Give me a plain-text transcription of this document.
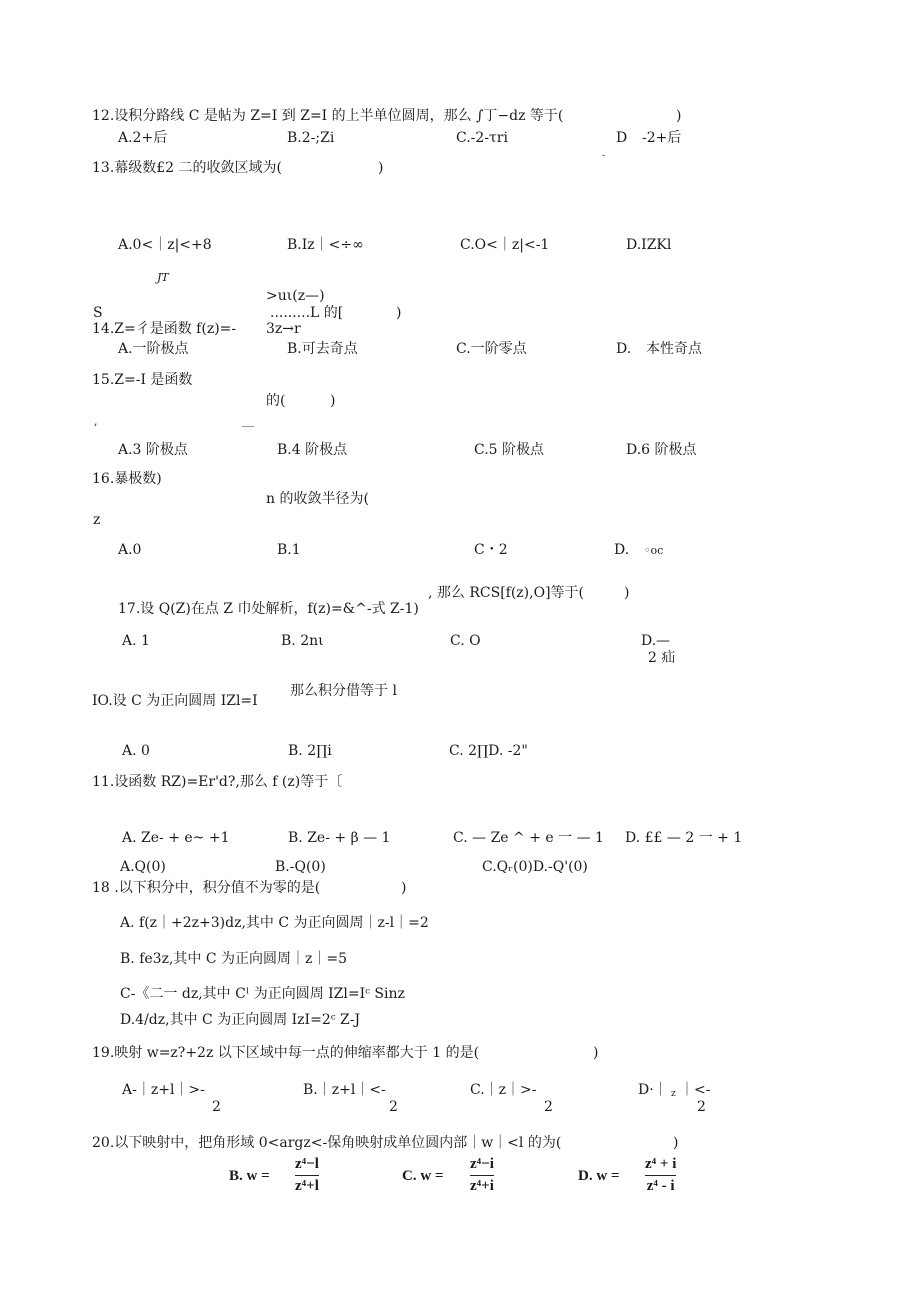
12.设积分路线 C 是帖为 Z=I 到 Z=I 的上半单位圆周，那么 ∫丁−dz 等于(	)
A.2+后	B.2-;Zi	C.-2-τri	D -2+后
-
13.幕级数£2 二的收敛区域为(	)
A.0<｜z|<+8	B.Iz｜<÷∞	C.O<｜z|<-1	D.IZKl
JT
>uι(z—)
S	.........L 的[	)
14.Z=彳是函数 f(z)=- 3z→r
A.一阶极点	B.可去奇点	C.一阶零点	D. 本性奇点
15.Z=-I 是函数
的(	)
,
A.3 阶极点	B.4 阶极点	C.5 阶极点	D.6 阶极点
16.暴极数)
n 的收敛半径为(
z
A.0	B.1	C・2	D. ◦oc
, 那么 RCS[f(z),O]等于(	)
17.设 Q(Z)在点 Z 巾处解析，f(z)=&^-式 Z-1)
A. 1	B. 2nι	C. O	D.—
2 疝
那么积分借等于 l
IO.设 C 为正向圆周 IZl=I
A. 0	B. 2∏i	C. 2∏D. -2"
11.设函数 RZ)=Er'd?,那么 f (z)等于〔
A. Ze- + e~ +1	B. Ze- + β — 1	C. — Ze ^ + e 一 — 1 D. ££ — 2 一 + 1
A.Q(0)	B.-Q(0)	C.Qᵣ(0)D.-Q'(0)
18 .以下积分中，积分值不为零的是(	)
A. f(z｜+2z+3)dz,其中 C 为正向圆周｜z-l｜=2
B. fe3z,其中 C 为正向圆周｜z｜=5
C-《二一 dz,其中 Cˡ 为正向圆周 IZl=Iᶜ Sinz
D.4/dz,其中 C 为正向圆周 IzI=2ᶜ Z-J
19.映射 w=z?+2z 以下区域中每一点的伸缩率都大于 1 的是(	)
A-｜z+l｜>-
2
B.｜z+l｜<-
2
C.｜z｜>-
2
D·｜ z ｜<-
2
20.以下映射中，把角形域 0<argz<-保角映射成单位圆内部｜w｜<l 的为(	)
B. w =
z⁴−l
z⁴+l
C. w =
z⁴−i
z⁴+i
D. w =
z⁴ + i
z⁴ - i
